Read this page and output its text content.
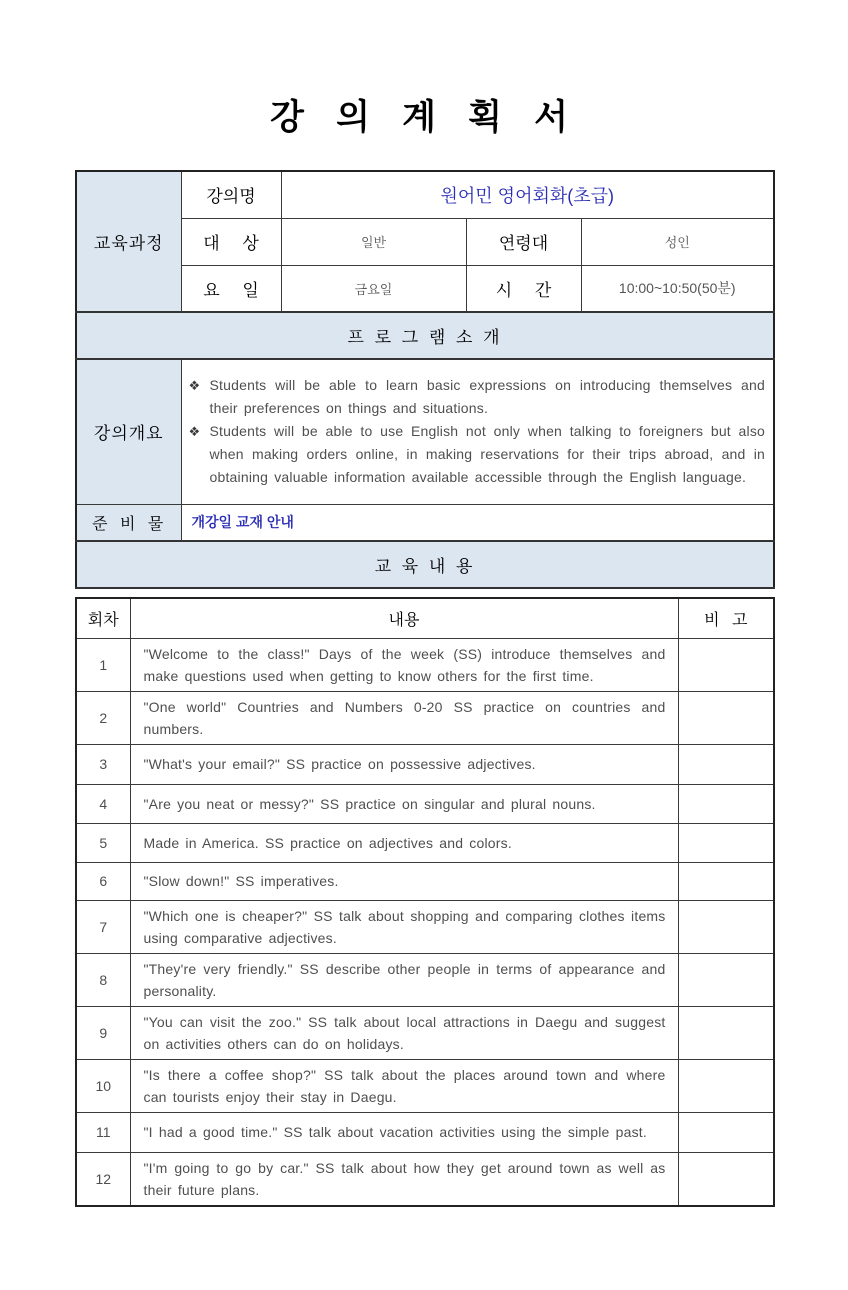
강 의 계 획 서
교육과정	강의명	원어민 영어회화(초급)		
	대 상	일반	연령대	성인
	요 일	금요일	시 간	10:00~10:50(50분)
프 로 그 램 소 개				
강의개요	❖ Students will be able to learn basic expressions on introducing themselves and their preferences on things and situations.

❖ Students will be able to use English not only when talking to foreigners but also when making orders online, in making reservations for their trips abroad, and in obtaining valuable information available accessible through the English language.			

준 비 물	개강일 교재 안내			
교 육 내 용				
회차	내용	비 고
1	"Welcome to the class!" Days of the week (SS) introduce themselves and make questions used when getting to know others for the first time.	
2	"One world" Countries and Numbers 0-20 SS practice on countries and numbers.	
3	"What's your email?" SS practice on possessive adjectives.	
4	"Are you neat or messy?" SS practice on singular and plural nouns.	
5	Made in America. SS practice on adjectives and colors.	
6	"Slow down!" SS imperatives.	
7	"Which one is cheaper?" SS talk about shopping and comparing clothes items using comparative adjectives.	
8	"They're very friendly." SS describe other people in terms of appearance and personality.	
9	"You can visit the zoo." SS talk about local attractions in Daegu and suggest on activities others can do on holidays.	
10	"Is there a coffee shop?" SS talk about the places around town and where can tourists enjoy their stay in Daegu.	
11	"I had a good time." SS talk about vacation activities using the simple past.	
12	"I'm going to go by car." SS talk about how they get around town as well as their future plans.	
